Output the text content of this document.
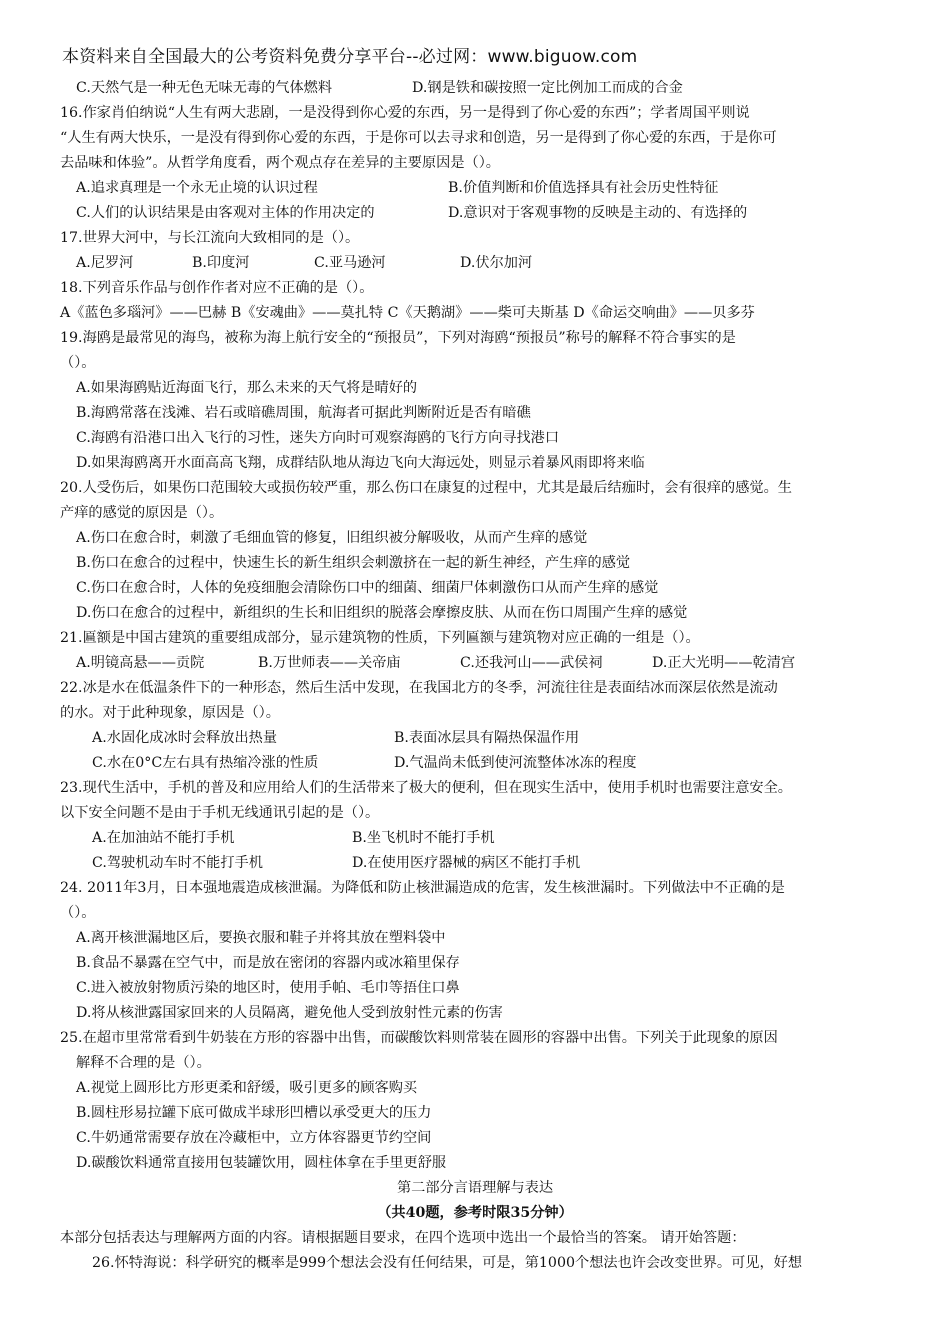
本资料来自全国最大的公考资料免费分享平台--必过网：www.biguow.com
C.天然气是一种无色无味无毒的气体燃料	D.钢是铁和碳按照一定比例加工而成的合金
16.作家肖伯纳说“人生有两大悲剧，一是没得到你心爱的东西，另一是得到了你心爱的东西”；学者周国平则说
“人生有两大快乐，一是没有得到你心爱的东西，于是你可以去寻求和创造，另一是得到了你心爱的东西，于是你可
去品味和体验”。从哲学角度看，两个观点存在差异的主要原因是（）。
A.追求真理是一个永无止境的认识过程	B.价值判断和价值选择具有社会历史性特征
C.人们的认识结果是由客观对主体的作用决定的	D.意识对于客观事物的反映是主动的、有选择的
17.世界大河中，与长江流向大致相同的是（）。
A.尼罗河	B.印度河	C.亚马逊河	D.伏尔加河
18.下列音乐作品与创作作者对应不正确的是（）。
A《蓝色多瑙河》——巴赫 B《安魂曲》——莫扎特 C《天鹅湖》——柴可夫斯基 D《命运交响曲》——贝多芬
19.海鸥是最常见的海鸟，被称为海上航行安全的“预报员”，下列对海鸥“预报员”称号的解释不符合事实的是
（）。
A.如果海鸥贴近海面飞行，那么未来的天气将是晴好的
B.海鸥常落在浅滩、岩石或暗礁周围，航海者可据此判断附近是否有暗礁
C.海鸥有沿港口出入飞行的习性，迷失方向时可观察海鸥的飞行方向寻找港口
D.如果海鸥离开水面高高飞翔，成群结队地从海边飞向大海远处，则显示着暴风雨即将来临
20.人受伤后，如果伤口范围较大或损伤较严重，那么伤口在康复的过程中，尤其是最后结痂时，会有很痒的感觉。生
产痒的感觉的原因是（）。
A.伤口在愈合时，刺激了毛细血管的修复，旧组织被分解吸收，从而产生痒的感觉
B.伤口在愈合的过程中，快速生长的新生组织会刺激挤在一起的新生神经，产生痒的感觉
C.伤口在愈合时，人体的免疫细胞会清除伤口中的细菌、细菌尸体刺激伤口从而产生痒的感觉
D.伤口在愈合的过程中，新组织的生长和旧组织的脱落会摩擦皮肤、从而在伤口周围产生痒的感觉
21.匾额是中国古建筑的重要组成部分，显示建筑物的性质，下列匾额与建筑物对应正确的一组是（）。
A.明镜高悬——贡院	B.万世师表——关帝庙	C.还我河山——武侯祠	D.正大光明——乾清宫
22.冰是水在低温条件下的一种形态，然后生活中发现，在我国北方的冬季，河流往往是表面结冰而深层依然是流动
的水。对于此种现象，原因是（）。
A.水固化成冰时会释放出热量	B.表面冰层具有隔热保温作用
C.水在0°C左右具有热缩冷涨的性质	D.气温尚未低到使河流整体冰冻的程度
23.现代生活中，手机的普及和应用给人们的生活带来了极大的便利，但在现实生活中，使用手机时也需要注意安全。
以下安全问题不是由于手机无线通讯引起的是（）。
A.在加油站不能打手机	B.坐飞机时不能打手机
C.驾驶机动车时不能打手机	D.在使用医疗器械的病区不能打手机
24. 2011年3月，日本强地震造成核泄漏。为降低和防止核泄漏造成的危害，发生核泄漏时。下列做法中不正确的是
（）。
A.离开核泄漏地区后，要换衣服和鞋子并将其放在塑料袋中
B.食品不暴露在空气中，而是放在密闭的容器内或冰箱里保存
C.进入被放射物质污染的地区时，使用手帕、毛巾等捂住口鼻
D.将从核泄露国家回来的人员隔离，避免他人受到放射性元素的伤害
25.在超市里常常看到牛奶装在方形的容器中出售，而碳酸饮料则常装在圆形的容器中出售。下列关于此现象的原因
解释不合理的是（）。
A.视觉上圆形比方形更柔和舒缓，吸引更多的顾客购买
B.圆柱形易拉罐下底可做成半球形凹槽以承受更大的压力
C.牛奶通常需要存放在冷藏柜中，立方体容器更节约空间
D.碳酸饮料通常直接用包装罐饮用，圆柱体拿在手里更舒服
第二部分言语理解与表达
（共40题，参考时限35分钟）
本部分包括表达与理解两方面的内容。请根据题目要求，在四个选项中选出一个最恰当的答案。 请开始答题：
26.怀特海说：科学研究的概率是999个想法会没有任何结果，可是，第1000个想法也许会改变世界。可见，好想
